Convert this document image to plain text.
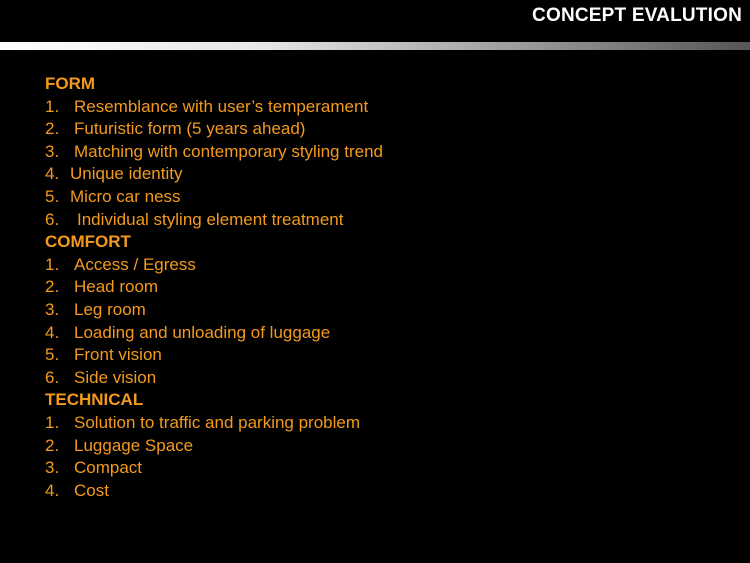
CONCEPT EVALUTION
FORM
1. Resemblance with user’s temperament
2. Futuristic form (5 years ahead)
3. Matching with contemporary styling trend
4. Unique identity
5. Micro car ness
6. Individual styling element treatment
COMFORT
1. Access / Egress
2. Head room
3. Leg room
4. Loading and unloading of luggage
5. Front vision
6. Side vision
TECHNICAL
1. Solution to traffic and parking problem
2. Luggage Space
3. Compact
4. Cost
